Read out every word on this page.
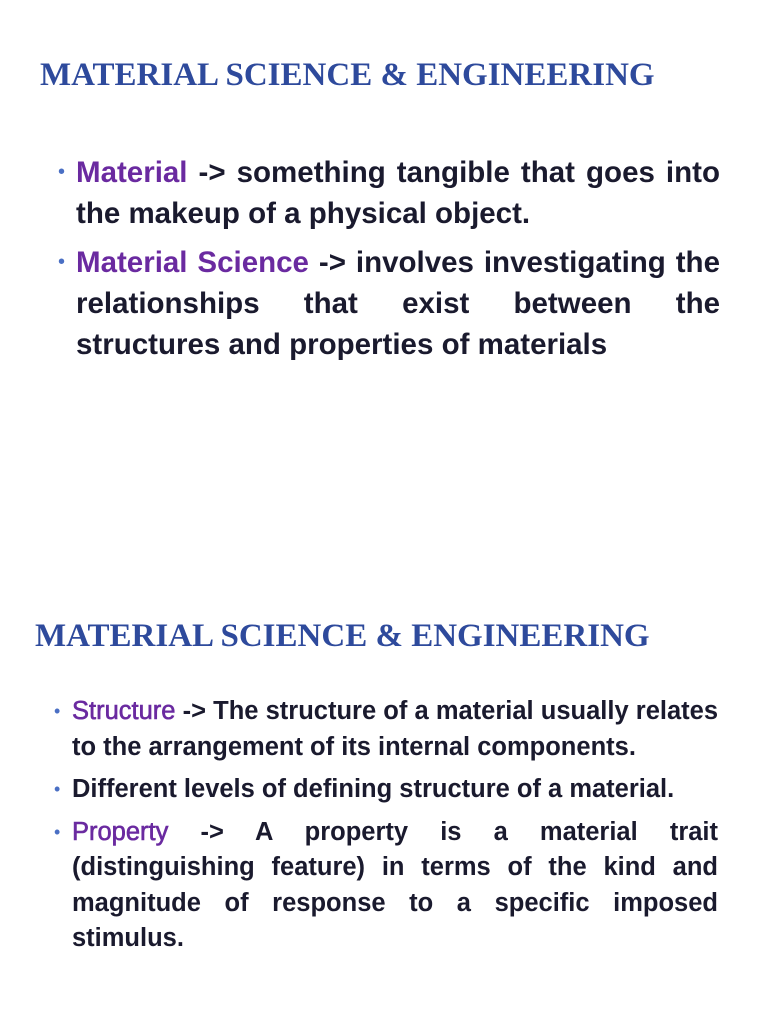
MATERIAL SCIENCE & ENGINEERING
• Material -> something tangible that goes into the makeup of a physical object.
• Material Science -> involves investigating the relationships that exist between the structures and properties of materials
MATERIAL SCIENCE & ENGINEERING
• Structure -> The structure of a material usually relates to the arrangement of its internal components.
• Different levels of defining structure of a material.
• Property -> A property is a material trait (distinguishing feature) in terms of the kind and magnitude of response to a specific imposed stimulus.
